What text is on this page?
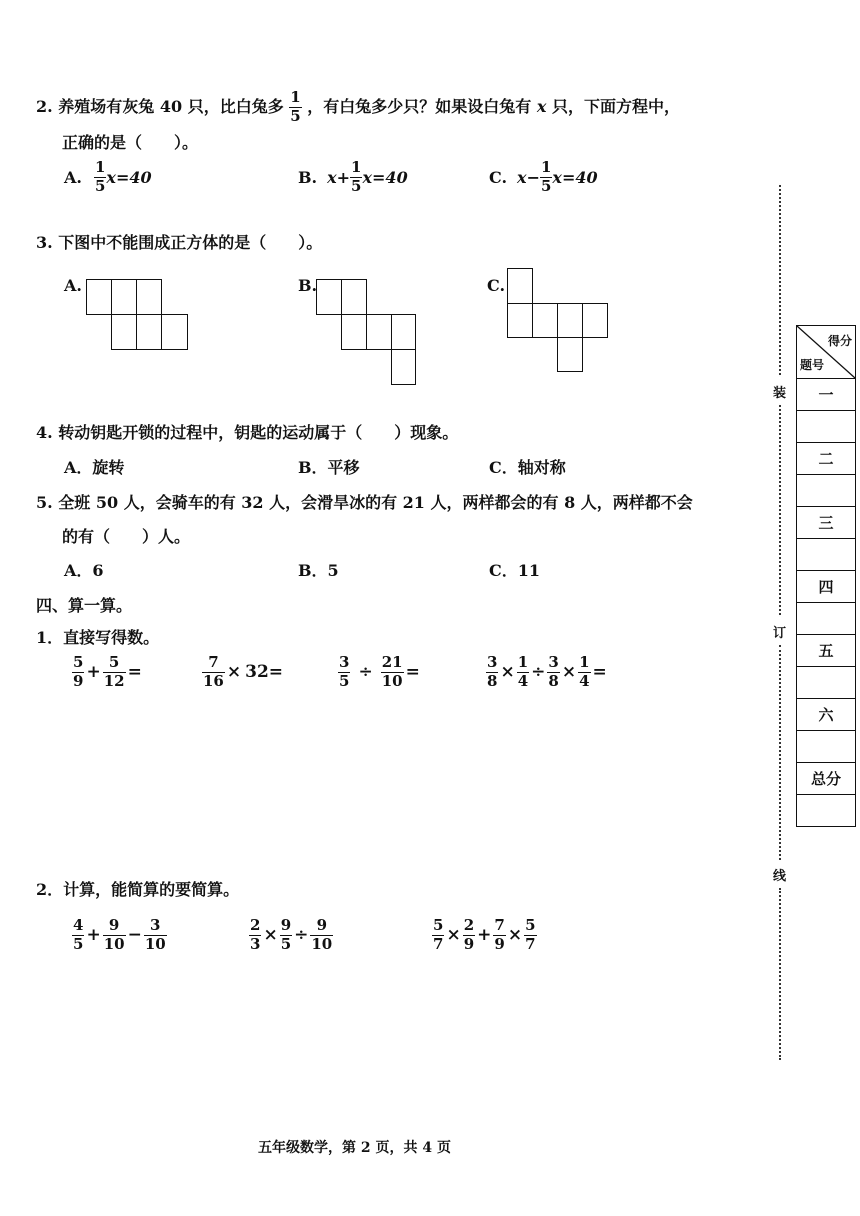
2. 养殖场有灰兔 40 只，比白兔多 $\frac{1}{5}$ ，有白兔多少只？如果设白兔有 x 只，下面方程中，
正确的是（　　）。
A. $\frac{1}{5} x=40$	B. $x+ \frac{1}{5} x=40$	C. $x- \frac{1}{5} x=40$
3. 下图中不能围成正方体的是（　　）。
A.	B.	C.
4. 转动钥匙开锁的过程中，钥匙的运动属于（　　）现象。
A．旋转	B．平移	C．轴对称
5. 全班 50 人，会骑车的有 32 人，会滑旱冰的有 21 人，两样都会的有 8 人，两样都不会
的有（　　）人。
A．6	B．5	C．11
四、算一算。
1．直接写得数。
$\frac{5}{9} + \frac{5}{12}$ =	$\frac{7}{16} \times 32=$	$\frac{3}{5} \div \frac{21}{10}$ =	$\frac{3}{8} \times \frac{1}{4} \div \frac{3}{8} \times \frac{1}{4}$ =
2．计算，能简算的要简算。
$\frac{4}{5} + \frac{9}{10} - \frac{3}{10}$	$\frac{2}{3} \times \frac{9}{5} \div \frac{9}{10}$	$\frac{5}{7} \times \frac{2}{9} + \frac{7}{9} \times \frac{5}{7}$
装
订
线
得分
题号

一

二

三

四

五

六

总分

五年级数学，第 2 页，共 4 页
